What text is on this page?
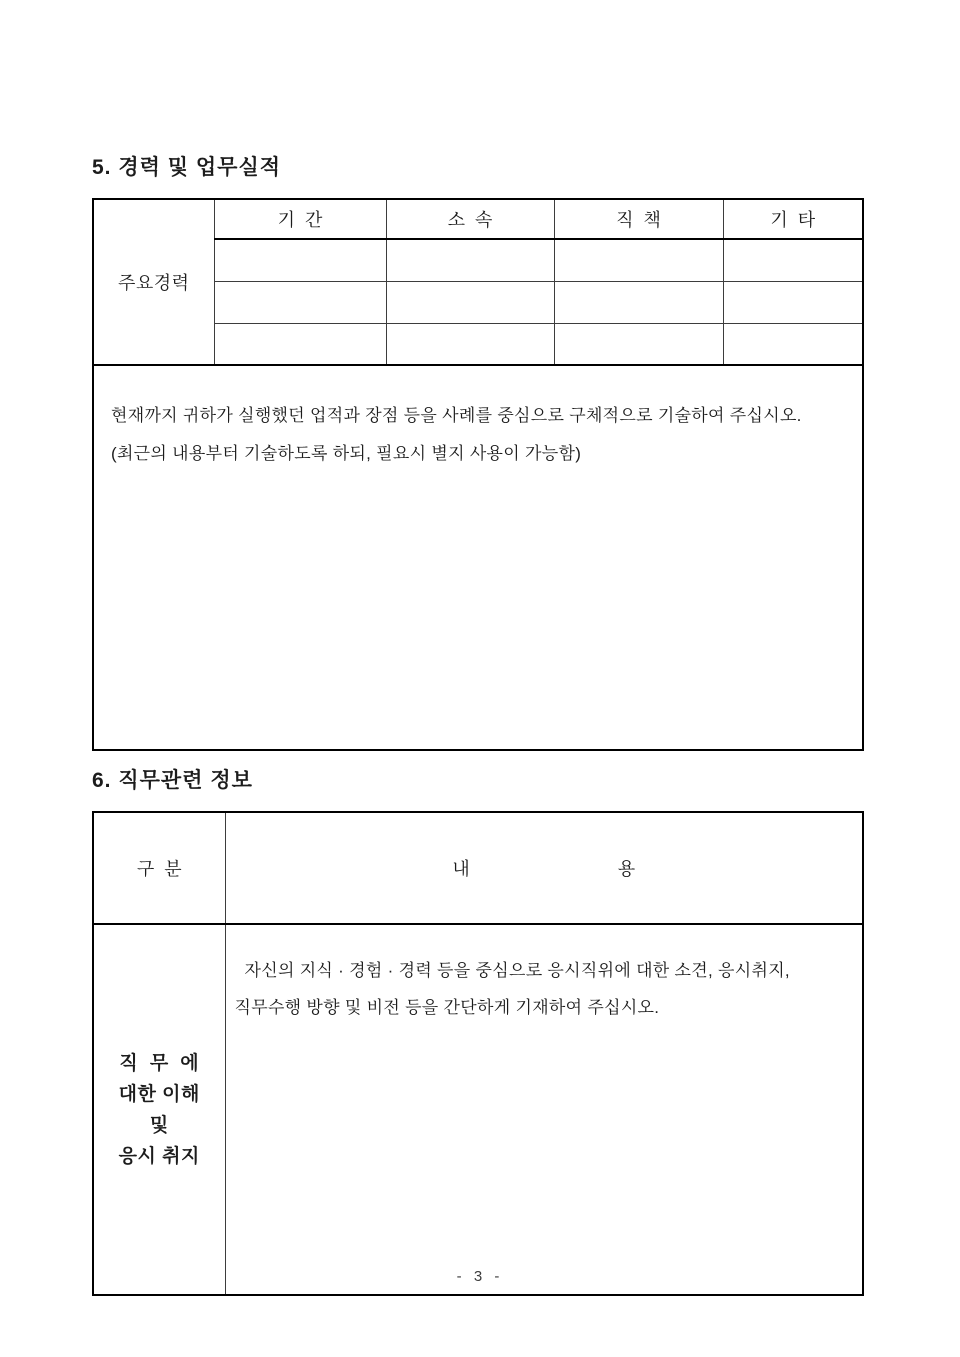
5. 경력 및 업무실적
주요경력	기  간	소  속	직  책	기  타

현재까지 귀하가 실행했던 업적과 장점 등을 사례를 중심으로 구체적으로 기술하여 주십시오.

(최근의 내용부터 기술하도록 하되, 필요시 별지 사용이 가능함)				

6. 직무관련 정보
구  분	내 용

직  무  에
대한 이해
및
응시 취지

자신의 지식 · 경험 · 경력 등을 중심으로 응시직위에 대한 소견, 응시취지,

직무수행 방향 및 비전 등을 간단하게 기재하여 주십시오.

- 3 -
